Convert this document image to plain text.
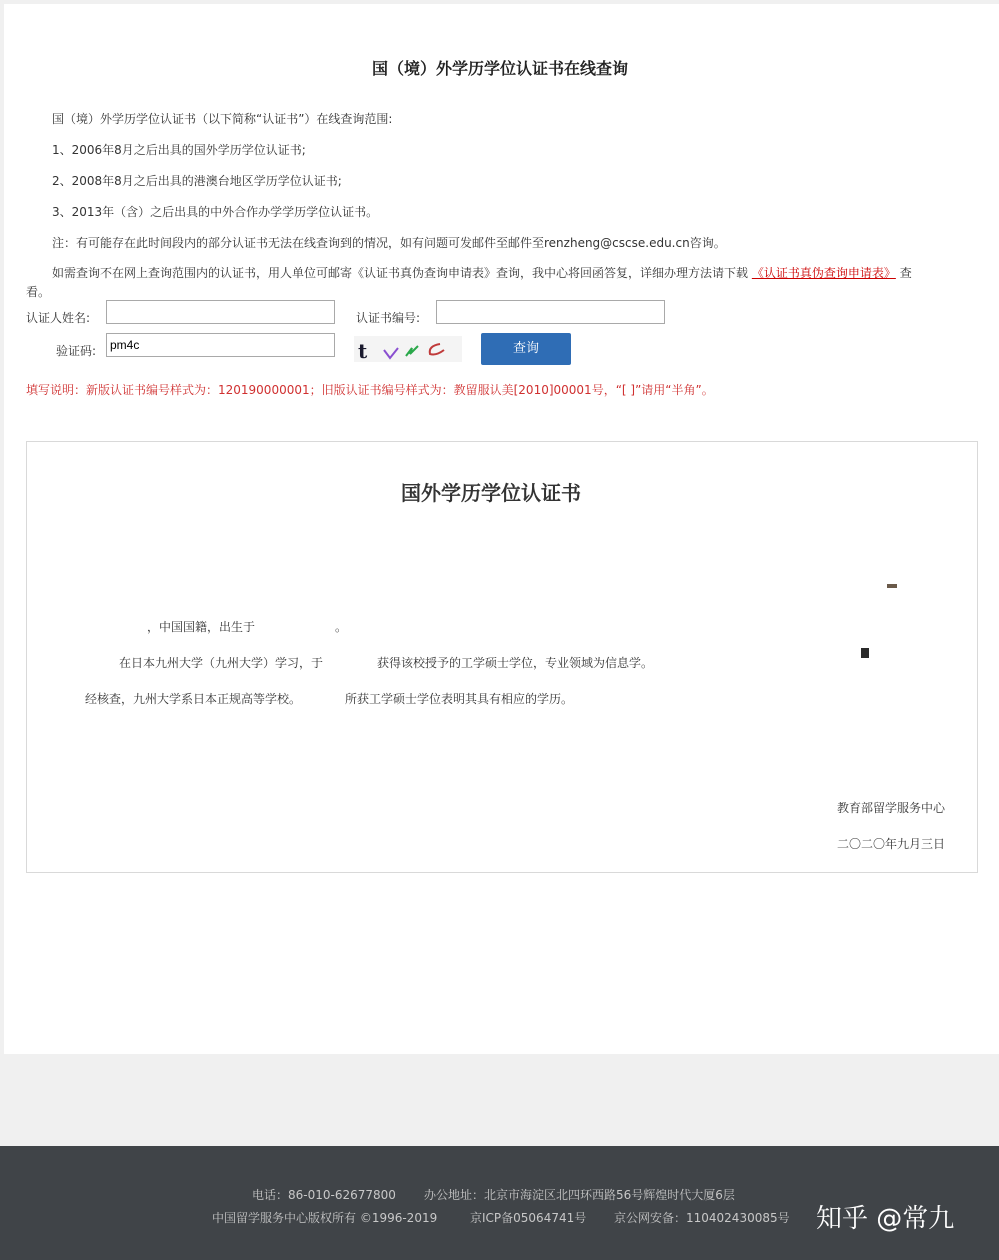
国（境）外学历学位认证书在线查询
国（境）外学历学位认证书（以下简称“认证书”）在线查询范围:
1、2006年8月之后出具的国外学历学位认证书;
2、2008年8月之后出具的港澳台地区学历学位认证书;
3、2013年（含）之后出具的中外合作办学学历学位认证书。
注：有可能存在此时间段内的部分认证书无法在线查询到的情况，如有问题可发邮件至邮件至renzheng@cscse.edu.cn咨询。
如需查询不在网上查询范围内的认证书，用人单位可邮寄《认证书真伪查询申请表》查询，我中心将回函答复，详细办理方法请下载 《认证书真伪查询申请表》 查
看。
认证人姓名:	认证书编号:
验证码:
pm4c	t	查询
填写说明：新版认证书编号样式为：120190000001；旧版认证书编号样式为：教留服认美[2010]00001号，“[ ]”请用“半角”。
国外学历学位认证书
，中国国籍，出生于	。
在日本九州大学（九州大学）学习，于	获得该校授予的工学硕士学位，专业领域为信息学。
经核查，九州大学系日本正规高等学校。	所获工学硕士学位表明其具有相应的学历。
教育部留学服务中心
二〇二〇年九月三日
电话：86-010-62677800 办公地址：北京市海淀区北四环西路56号辉煌时代大厦6层
中国留学服务中心版权所有 ©1996-2019	京ICP备05064741号 京公网安备：110402430085号 知乎 @常九
